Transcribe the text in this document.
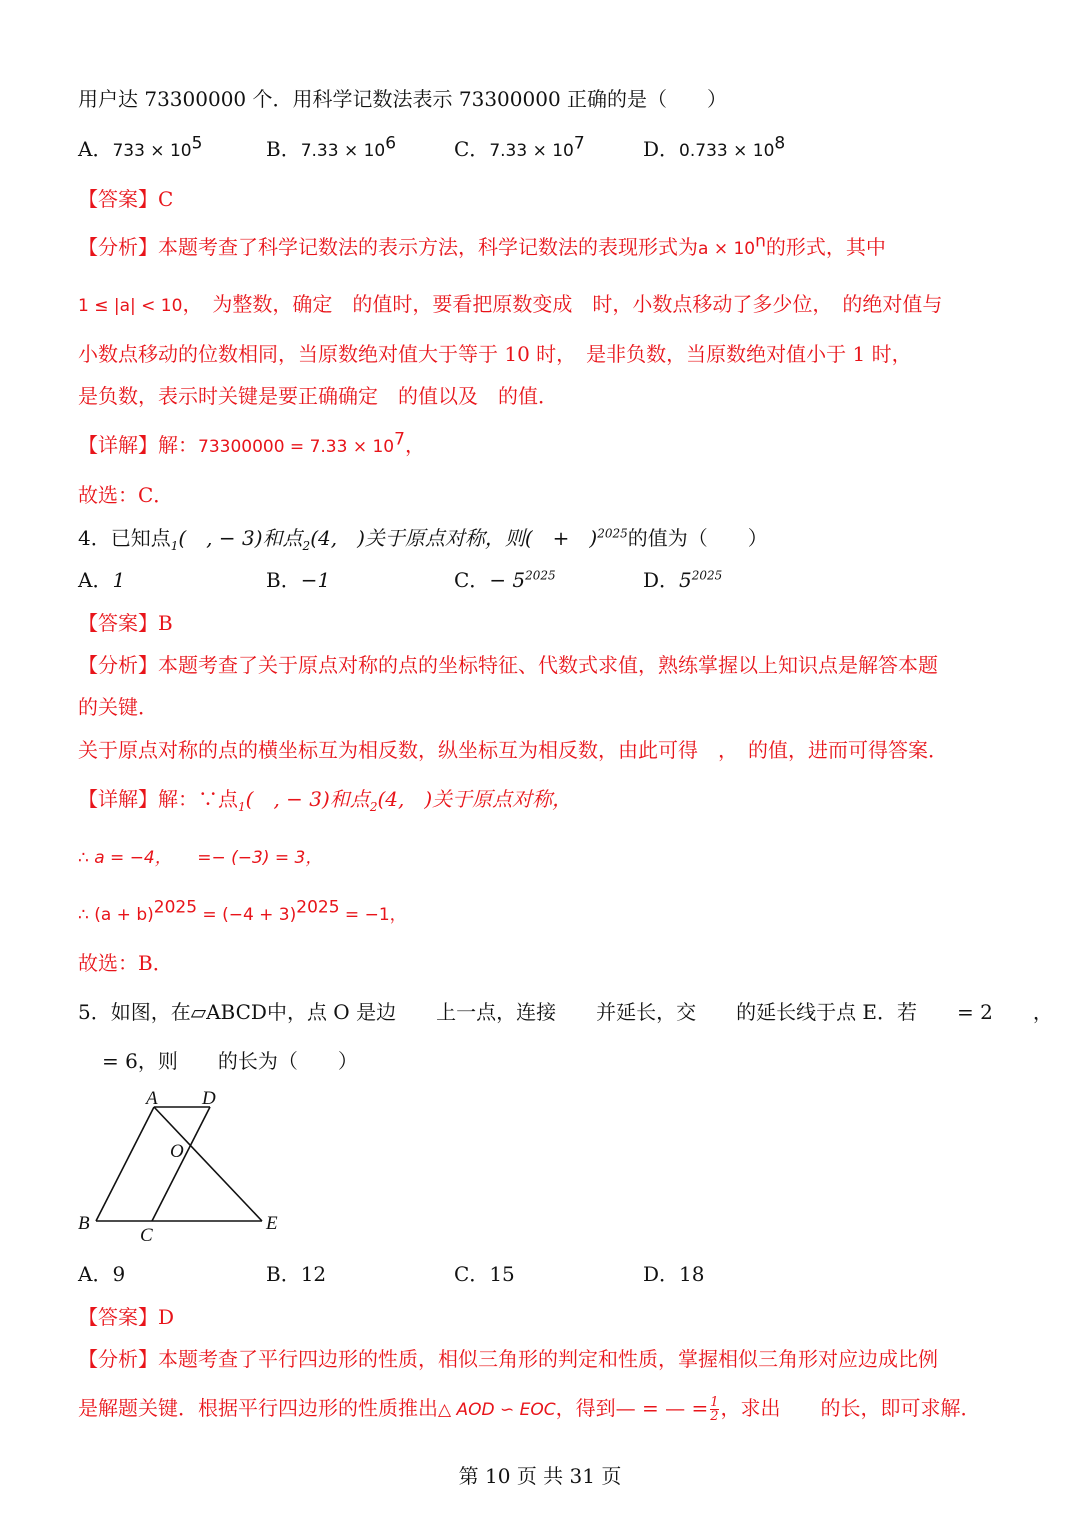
用户达 73300000 个．用科学记数法表示 73300000 正确的是（　　）
A．$733 \times 10^5$	B．$7.33 \times 10^6$	C．$7.33 \times 10^7$	D．$0.733 \times 10^8$
【答案】C
【分析】本题考查了科学记数法的表示方法，科学记数法的表现形式为$a \times 10^n$的形式，其中
1 ≤ |a| < 10，　为整数，确定　的值时，要看把原数变成　时，小数点移动了多少位，　的绝对值与
小数点移动的位数相同，当原数绝对值大于等于 10 时，　是非负数，当原数绝对值小于 1 时，
是负数，表示时关键是要正确确定　的值以及　的值．
【详解】解：$73300000 = 7.33 \times 10^7$，
故选：C．
4．已知点$_1$(　, − 3)和点$_2$(4,　)关于原点对称，则(　+　)$^{2025}$的值为（　　）
A．1	B．−1	C．− $5^{2025}$	D．$5^{2025}$
【答案】B
【分析】本题考查了关于原点对称的点的坐标特征、代数式求值，熟练掌握以上知识点是解答本题
的关键．
关于原点对称的点的横坐标互为相反数，纵坐标互为相反数，由此可得　，　的值，进而可得答案．
【详解】解：∵点$_1$(　, − 3)和点$_2$(4,　)关于原点对称，
∴ a = −4，　　=− (−3) = 3，
∴ $(a + b)^{2025} = (-4 + 3)^{2025} = -1$，
故选：B．
5．如图，在▱ABCD中，点 O 是边　　上一点，连接　　并延长，交　　的延长线于点 E．若　　= 2　　，
　= 6，则　　的长为（　　）
A D
O
B
C
E
A．9	B．12	C．15	D．18
【答案】D
【分析】本题考查了平行四边形的性质，相似三角形的判定和性质，掌握相似三角形对应边成比例
是解题关键．根据平行四边形的性质推出△ AOD ∽ EOC，得到— = — = $\frac{1}{2}$ ，求出　　的长，即可求解．
第 10 页 共 31 页
